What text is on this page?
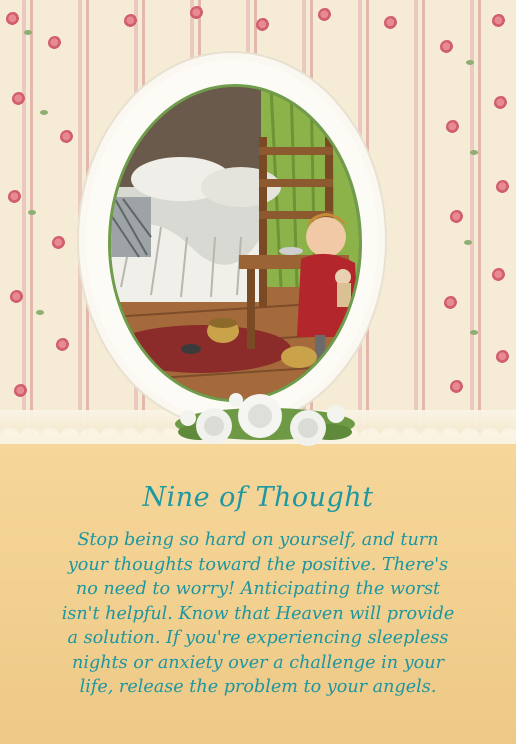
Nine of Thought
Stop being so hard on yourself, and turn
your thoughts toward the positive. There's
no need to worry! Anticipating the worst
isn't helpful. Know that Heaven will provide
a solution. If you're experiencing sleepless
nights or anxiety over a challenge in your
life, release the problem to your angels.
